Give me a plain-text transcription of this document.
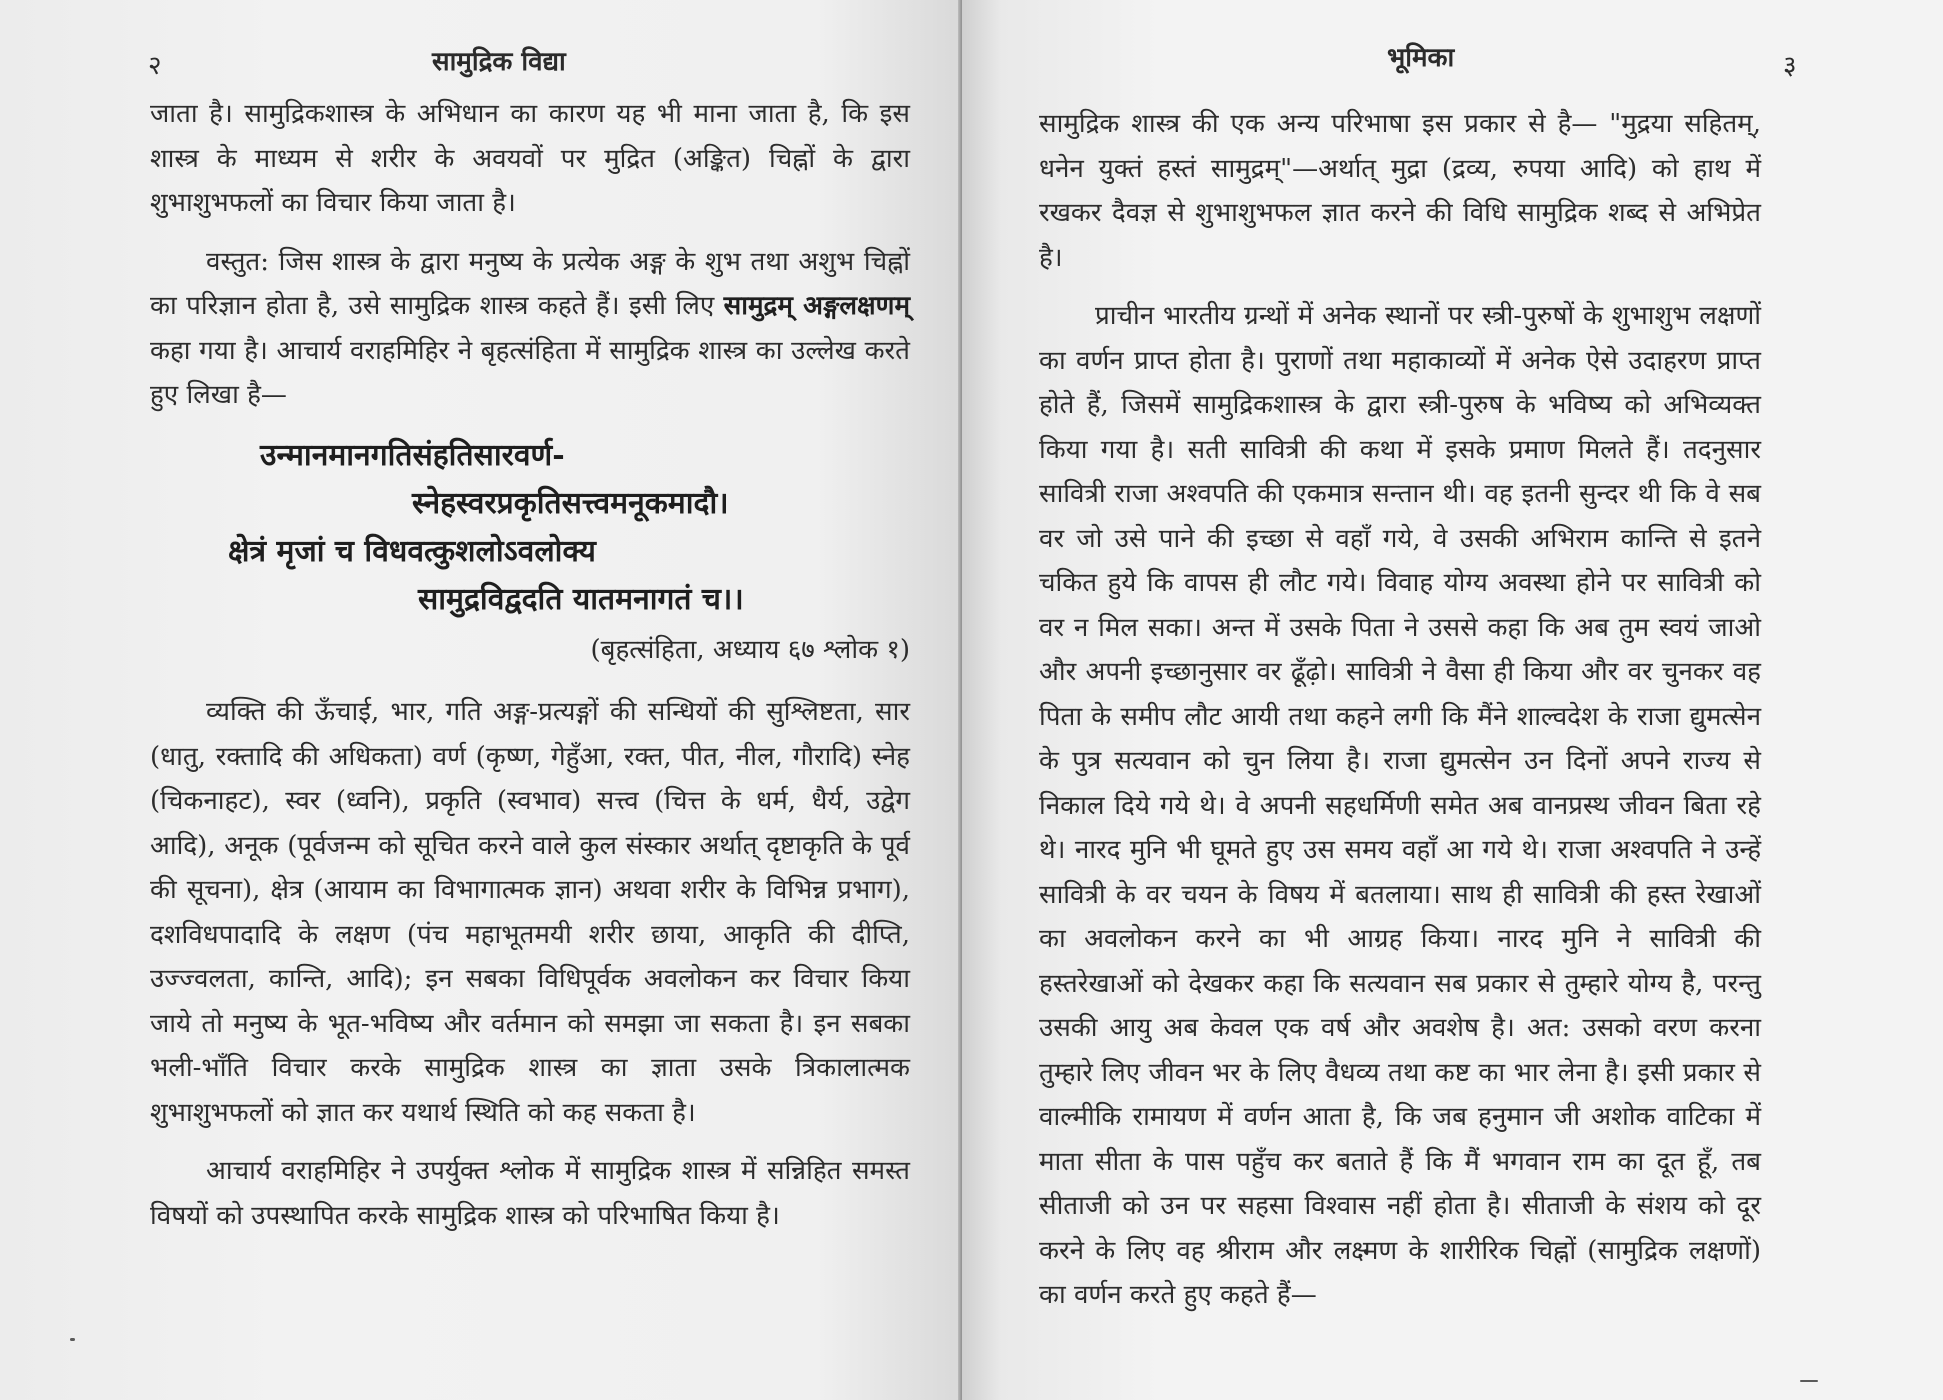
२	सामुद्रिक विद्या

जाता है। सामुद्रिकशास्त्र के अभिधान का कारण यह भी माना जाता है, कि इस शास्त्र के माध्यम से शरीर के अवयवों पर मुद्रित (अङ्कित) चिह्नों के द्वारा शुभाशुभफलों का विचार किया जाता है।

वस्तुत: जिस शास्त्र के द्वारा मनुष्य के प्रत्येक अङ्ग के शुभ तथा अशुभ चिह्नों का परिज्ञान होता है, उसे सामुद्रिक शास्त्र कहते हैं। इसी लिए सामुद्रम् अङ्गलक्षणम् कहा गया है। आचार्य वराहमिहिर ने बृहत्संहिता में सामुद्रिक शास्त्र का उल्लेख करते हुए लिखा है—

उन्मानमानगतिसंहतिसारवर्ण-
स्नेहस्वरप्रकृतिसत्त्वमनूकमादौ।
क्षेत्रं मृजां च विधवत्कुशलोऽवलोक्य
सामुद्रविद्वदति यातमनागतं च।।
(बृहत्संहिता, अध्याय ६७ श्लोक १)

व्यक्ति की ऊँचाई, भार, गति अङ्ग-प्रत्यङ्गों की सन्धियों की सुश्लिष्टता, सार (धातु, रक्तादि की अधिकता) वर्ण (कृष्ण, गेहुँआ, रक्त, पीत, नील, गौरादि) स्नेह (चिकनाहट), स्वर (ध्वनि), प्रकृति (स्वभाव) सत्त्व (चित्त के धर्म, धैर्य, उद्वेग आदि), अनूक (पूर्वजन्म को सूचित करने वाले कुल संस्कार अर्थात् दृष्टाकृति के पूर्व की सूचना), क्षेत्र (आयाम का विभागात्मक ज्ञान) अथवा शरीर के विभिन्न प्रभाग), दशविधपादादि के लक्षण (पंच महाभूतमयी शरीर छाया, आकृति की दीप्ति, उज्ज्वलता, कान्ति, आदि); इन सबका विधिपूर्वक अवलोकन कर विचार किया जाये तो मनुष्य के भूत-भविष्य और वर्तमान को समझा जा सकता है। इन सबका भली-भाँति विचार करके सामुद्रिक शास्त्र का ज्ञाता उसके त्रिकालात्मक शुभाशुभफलों को ज्ञात कर यथार्थ स्थिति को कह सकता है।

आचार्य वराहमिहिर ने उपर्युक्त श्लोक में सामुद्रिक शास्त्र में सन्निहित समस्त विषयों को उपस्थापित करके सामुद्रिक शास्त्र को परिभाषित किया है।

भूमिका	३

सामुद्रिक शास्त्र की एक अन्य परिभाषा इस प्रकार से है— "मुद्रया सहितम्, धनेन युक्तं हस्तं सामुद्रम्"—अर्थात् मुद्रा (द्रव्य, रुपया आदि) को हाथ में रखकर दैवज्ञ से शुभाशुभफल ज्ञात करने की विधि सामुद्रिक शब्द से अभिप्रेत है।

प्राचीन भारतीय ग्रन्थों में अनेक स्थानों पर स्त्री-पुरुषों के शुभाशुभ लक्षणों का वर्णन प्राप्त होता है। पुराणों तथा महाकाव्यों में अनेक ऐसे उदाहरण प्राप्त होते हैं, जिसमें सामुद्रिकशास्त्र के द्वारा स्त्री-पुरुष के भविष्य को अभिव्यक्त किया गया है। सती सावित्री की कथा में इसके प्रमाण मिलते हैं। तदनुसार सावित्री राजा अश्वपति की एकमात्र सन्तान थी। वह इतनी सुन्दर थी कि वे सब वर जो उसे पाने की इच्छा से वहाँ गये, वे उसकी अभिराम कान्ति से इतने चकित हुये कि वापस ही लौट गये। विवाह योग्य अवस्था होने पर सावित्री को वर न मिल सका। अन्त में उसके पिता ने उससे कहा कि अब तुम स्वयं जाओ और अपनी इच्छानुसार वर ढूँढ़ो। सावित्री ने वैसा ही किया और वर चुनकर वह पिता के समीप लौट आयी तथा कहने लगी कि मैंने शाल्वदेश के राजा द्युमत्सेन के पुत्र सत्यवान को चुन लिया है। राजा द्युमत्सेन उन दिनों अपने राज्य से निकाल दिये गये थे। वे अपनी सहधर्मिणी समेत अब वानप्रस्थ जीवन बिता रहे थे। नारद मुनि भी घूमते हुए उस समय वहाँ आ गये थे। राजा अश्वपति ने उन्हें सावित्री के वर चयन के विषय में बतलाया। साथ ही सावित्री की हस्त रेखाओं का अवलोकन करने का भी आग्रह किया। नारद मुनि ने सावित्री की हस्तरेखाओं को देखकर कहा कि सत्यवान सब प्रकार से तुम्हारे योग्य है, परन्तु उसकी आयु अब केवल एक वर्ष और अवशेष है। अत: उसको वरण करना तुम्हारे लिए जीवन भर के लिए वैधव्य तथा कष्ट का भार लेना है। इसी प्रकार से वाल्मीकि रामायण में वर्णन आता है, कि जब हनुमान जी अशोक वाटिका में माता सीता के पास पहुँच कर बताते हैं कि मैं भगवान राम का दूत हूँ, तब सीताजी को उन पर सहसा विश्वास नहीं होता है। सीताजी के संशय को दूर करने के लिए वह श्रीराम और लक्ष्मण के शारीरिक चिह्नों (सामुद्रिक लक्षणों) का वर्णन करते हुए कहते हैं—
